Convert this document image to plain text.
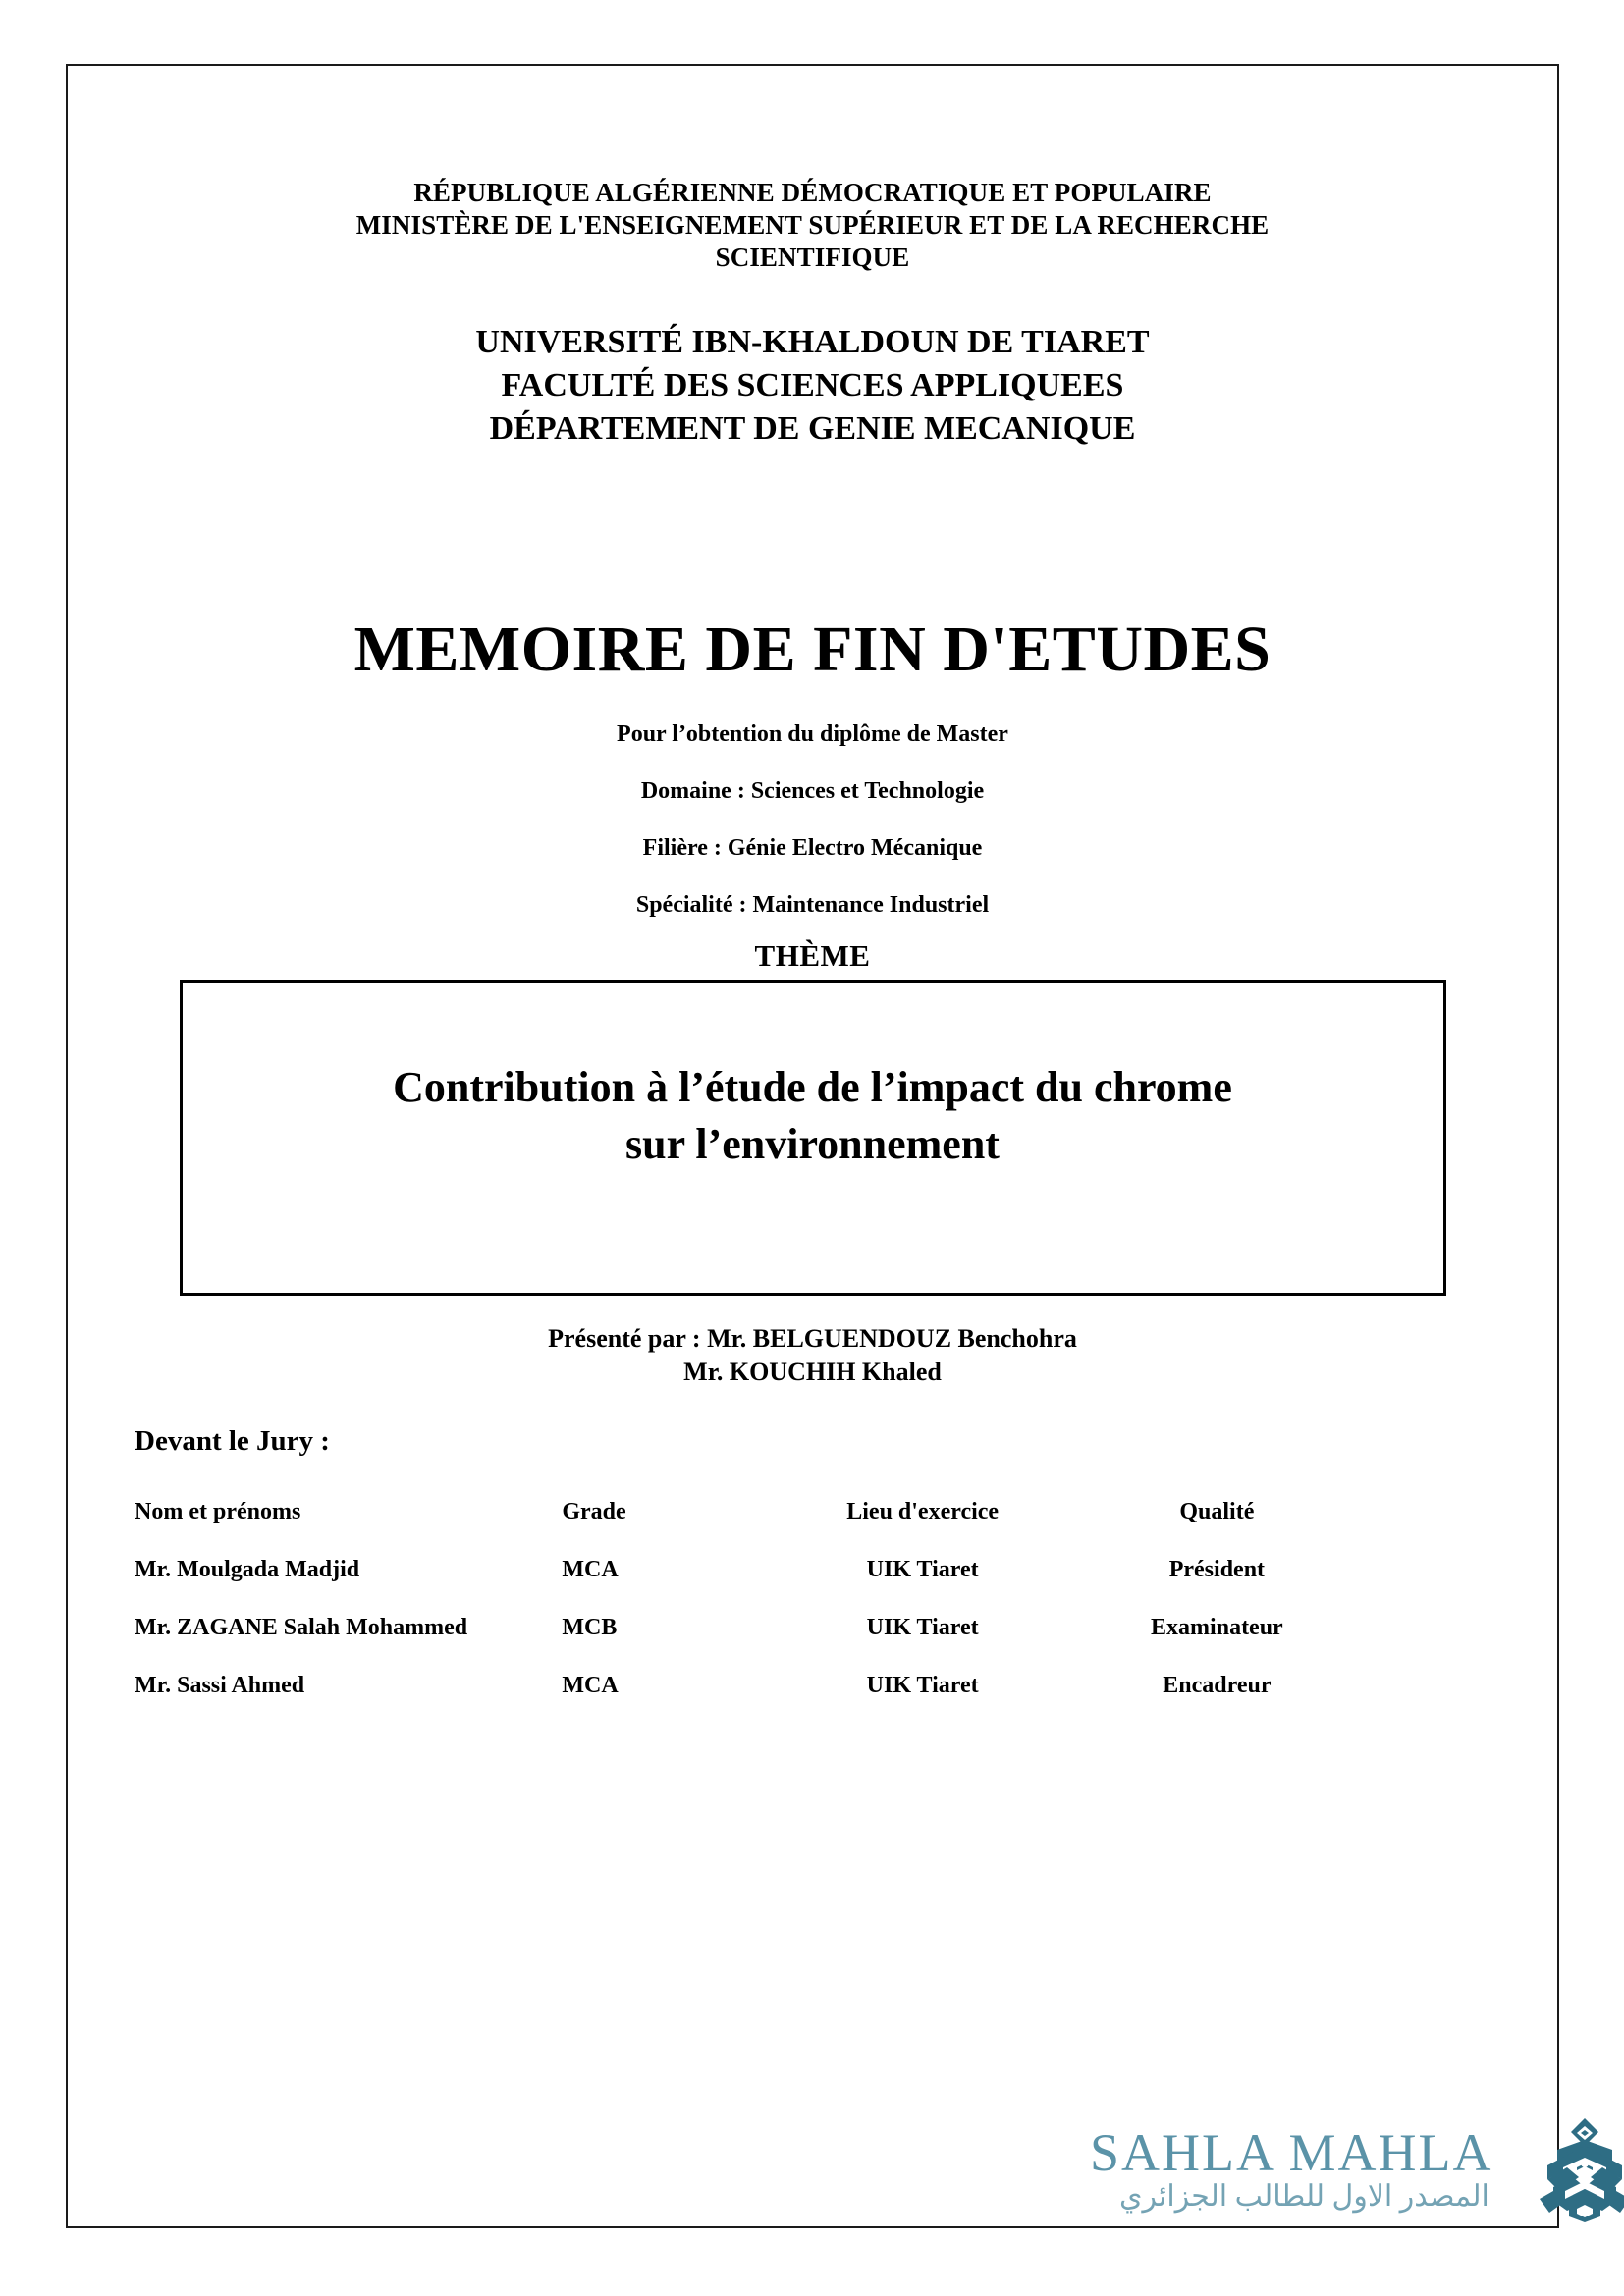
RÉPUBLIQUE ALGÉRIENNE DÉMOCRATIQUE ET POPULAIRE
MINISTÈRE DE L'ENSEIGNEMENT SUPÉRIEUR ET DE LA RECHERCHE
SCIENTIFIQUE
UNIVERSITÉ IBN-KHALDOUN DE TIARET
FACULTÉ DES SCIENCES APPLIQUEES
DÉPARTEMENT DE GENIE MECANIQUE
MEMOIRE DE FIN D'ETUDES
Pour l’obtention du diplôme de Master
Domaine : Sciences et Technologie
Filière : Génie Electro Mécanique
Spécialité : Maintenance Industriel
THÈME
Contribution à l’étude de l’impact du chrome
sur l’environnement
Présenté par : Mr. BELGUENDOUZ Benchohra
Mr. KOUCHIH Khaled
Devant le Jury :
Nom et prénoms	Grade	Lieu d'exercice	Qualité
Mr. Moulgada Madjid	MCA	UIK Tiaret	Président
Mr. ZAGANE Salah Mohammed	MCB	UIK Tiaret	Examinateur
Mr. Sassi Ahmed	MCA	UIK Tiaret	Encadreur
SAHLA MAHLA
المصدر الاول للطالب الجزائري
